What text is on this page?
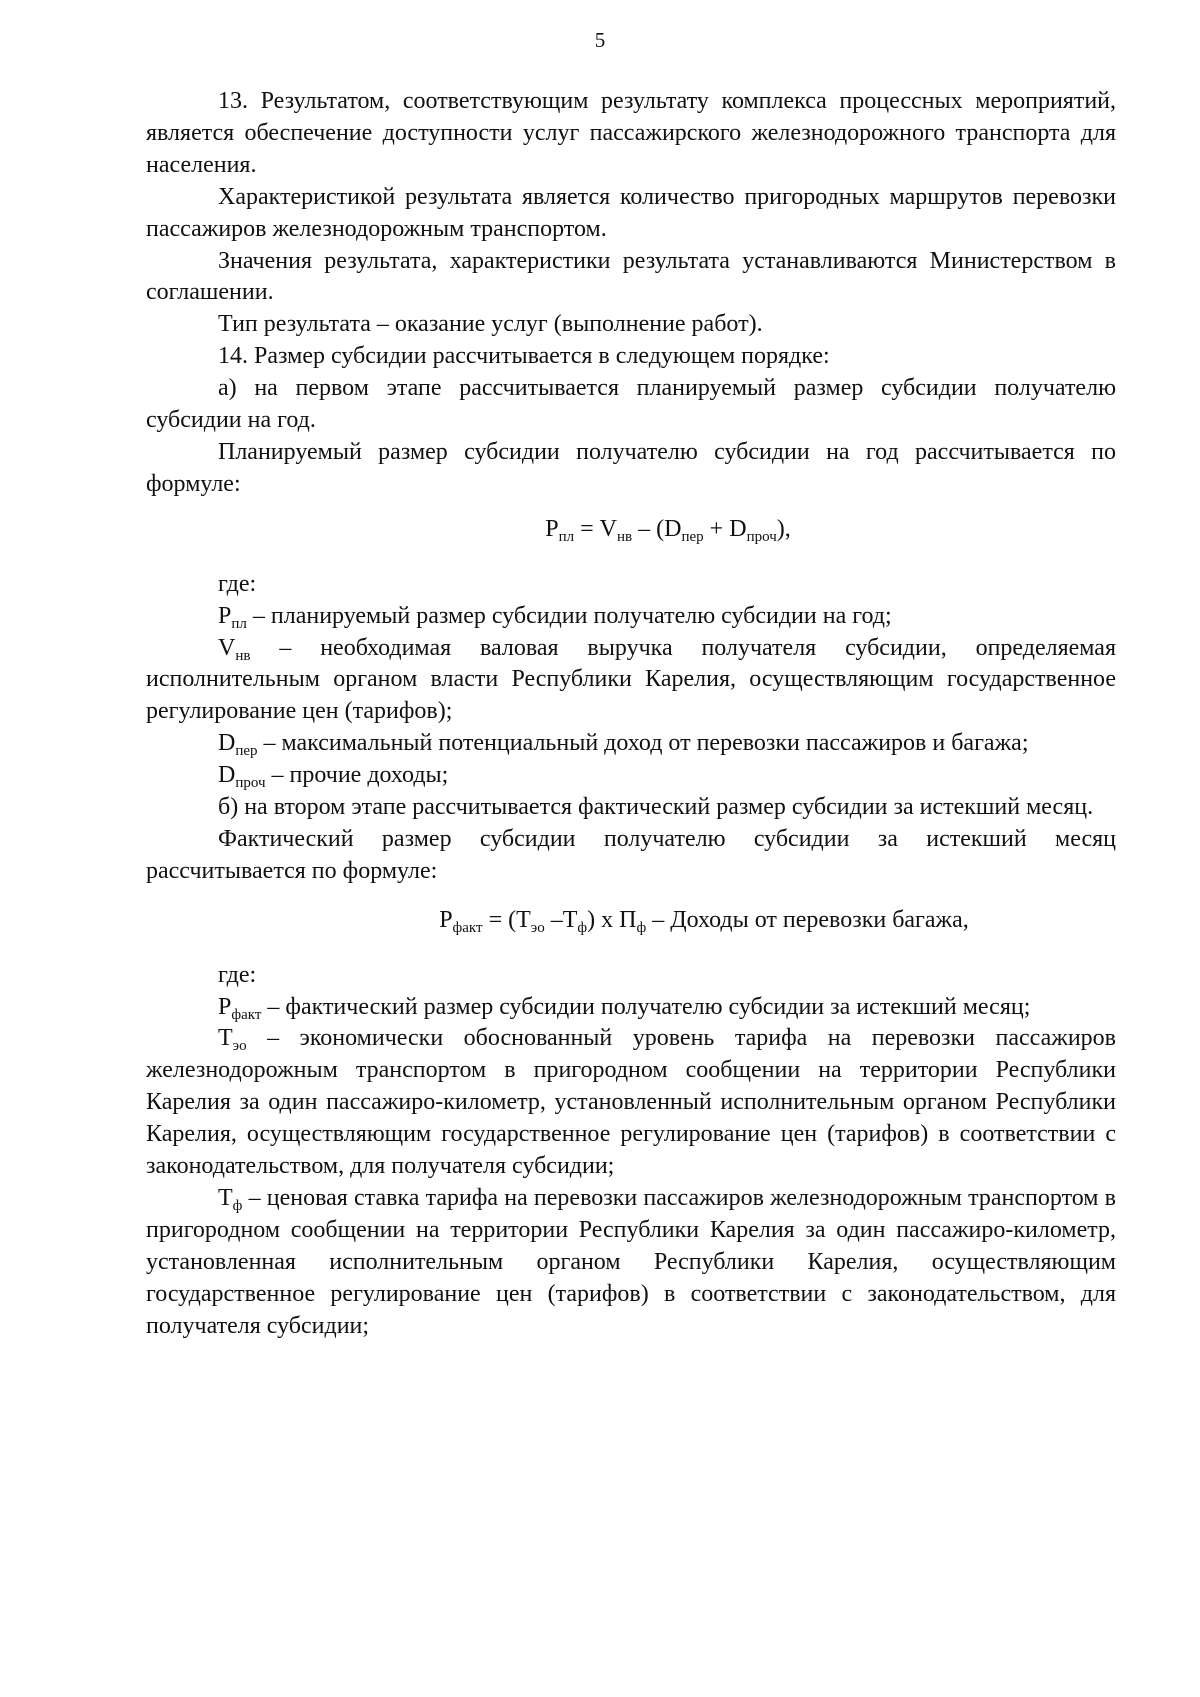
5

13. Результатом, соответствующим результату комплекса процессных мероприятий, является обеспечение доступности услуг пассажирского железнодорожного транспорта для населения.

Характеристикой результата является количество пригородных маршрутов перевозки пассажиров железнодорожным транспортом.

Значения результата, характеристики результата устанавливаются Министерством в соглашении.

Тип результата – оказание услуг (выполнение работ).

14. Размер субсидии рассчитывается в следующем порядке:

а) на первом этапе рассчитывается планируемый размер субсидии получателю субсидии на год.

Планируемый размер субсидии получателю субсидии на год рассчитывается по формуле:

$P_{пл} = V_{нв} - (D_{пер} + D_{проч})$,

где:

$P_{пл}$ – планируемый размер субсидии получателю субсидии на год;

$V_{нв}$ – необходимая валовая выручка получателя субсидии, определяемая исполнительным органом власти Республики Карелия, осуществляющим государственное регулирование цен (тарифов);

$D_{пер}$ – максимальный потенциальный доход от перевозки пассажиров и багажа;

$D_{проч}$ – прочие доходы;

б) на втором этапе рассчитывается фактический размер субсидии за истекший месяц.

Фактический размер субсидии получателю субсидии за истекший месяц рассчитывается по формуле:

$P_{факт} = (Т_{эо}$ $-Т_ф$) x $П_ф$ – Доходы от перевозки багажа,

где:

$P_{факт}$ – фактический размер субсидии получателю субсидии за истекший месяц;

$Т_{эо}$ – экономически обоснованный уровень тарифа на перевозки пассажиров железнодорожным транспортом в пригородном сообщении на территории Республики Карелия за один пассажиро-километр, установленный исполнительным органом Республики Карелия, осуществляющим государственное регулирование цен (тарифов) в соответствии с законодательством, для получателя субсидии;

$Т_ф$ – ценовая ставка тарифа на перевозки пассажиров железнодорожным транспортом в пригородном сообщении на территории Республики Карелия за один пассажиро-километр, установленная исполнительным органом Республики Карелия, осуществляющим государственное регулирование цен (тарифов) в соответствии с законодательством, для получателя субсидии;
